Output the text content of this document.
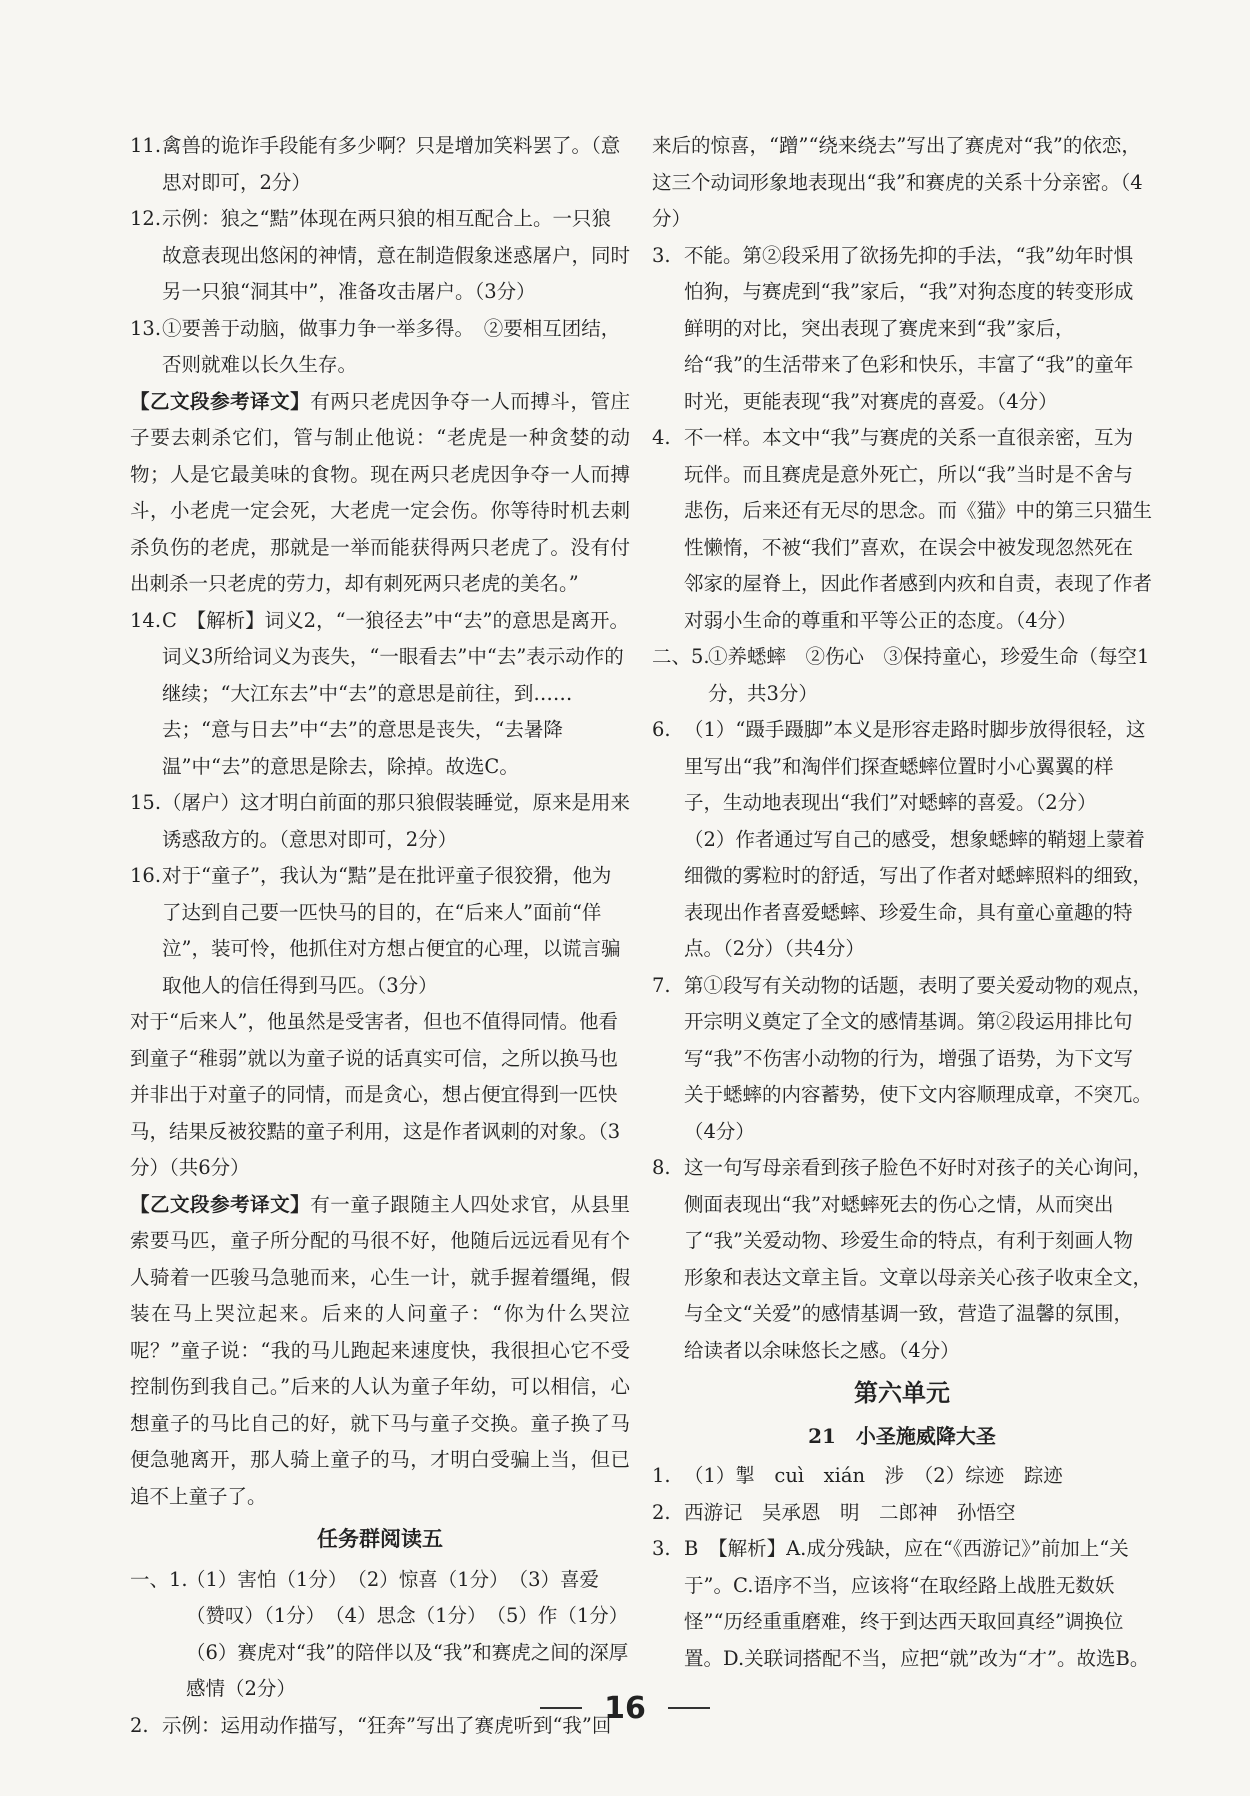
11. 禽兽的诡诈手段能有多少啊？只是增加笑料罢了。（意思对即可，2分）

12. 示例：狼之“黠”体现在两只狼的相互配合上。一只狼故意表现出悠闲的神情，意在制造假象迷惑屠户，同时另一只狼“洞其中”，准备攻击屠户。（3分）

13. ①要善于动脑，做事力争一举多得。　②要相互团结，否则就难以长久生存。

【乙文段参考译文】有两只老虎因争夺一人而搏斗，管庄子要去刺杀它们，管与制止他说：“老虎是一种贪婪的动物；人是它最美味的食物。现在两只老虎因争夺一人而搏斗，小老虎一定会死，大老虎一定会伤。你等待时机去刺杀负伤的老虎，那就是一举而能获得两只老虎了。没有付出刺杀一只老虎的劳力，却有刺死两只老虎的美名。”

14. C　【解析】词义2，“一狼径去”中“去”的意思是离开。词义3所给词义为丧失，“一眼看去”中“去”表示动作的继续；“大江东去”中“去”的意思是前往，到……去；“意与日去”中“去”的意思是丧失，“去暑降温”中“去”的意思是除去，除掉。故选C。

15. （屠户）这才明白前面的那只狼假装睡觉，原来是用来诱惑敌方的。（意思对即可，2分）

16. 对于“童子”，我认为“黠”是在批评童子很狡猾，他为了达到自己要一匹快马的目的，在“后来人”面前“佯泣”，装可怜，他抓住对方想占便宜的心理，以谎言骗取他人的信任得到马匹。（3分）

对于“后来人”，他虽然是受害者，但也不值得同情。他看到童子“稚弱”就以为童子说的话真实可信，之所以换马也并非出于对童子的同情，而是贪心，想占便宜得到一匹快马，结果反被狡黠的童子利用，这是作者讽刺的对象。（3分）（共6分）

【乙文段参考译文】有一童子跟随主人四处求官，从县里索要马匹，童子所分配的马很不好，他随后远远看见有个人骑着一匹骏马急驰而来，心生一计，就手握着缰绳，假装在马上哭泣起来。后来的人问童子：“你为什么哭泣呢？”童子说：“我的马儿跑起来速度快，我很担心它不受控制伤到我自己。”后来的人认为童子年幼，可以相信，心想童子的马比自己的好，就下马与童子交换。童子换了马便急驰离开，那人骑上童子的马，才明白受骗上当，但已追不上童子了。

任务群阅读五

一、1.
（1）害怕（1分）　（2）惊喜（1分）　（3）喜爱（赞叹）（1分）　（4）思念（1分）　（5）作（1分）　（6）赛虎对“我”的陪伴以及“我”和赛虎之间的深厚感情（2分）

2. 示例：运用动作描写，“狂奔”写出了赛虎听到“我”回

来后的惊喜，“蹭”“绕来绕去”写出了赛虎对“我”的依恋，这三个动词形象地表现出“我”和赛虎的关系十分亲密。（4分）

3. 不能。第②段采用了欲扬先抑的手法，“我”幼年时惧怕狗，与赛虎到“我”家后，“我”对狗态度的转变形成鲜明的对比，突出表现了赛虎来到“我”家后，给“我”的生活带来了色彩和快乐，丰富了“我”的童年时光，更能表现“我”对赛虎的喜爱。（4分）

4. 不一样。本文中“我”与赛虎的关系一直很亲密，互为玩伴。而且赛虎是意外死亡，所以“我”当时是不舍与悲伤，后来还有无尽的思念。而《猫》中的第三只猫生性懒惰，不被“我们”喜欢，在误会中被发现忽然死在邻家的屋脊上，因此作者感到内疚和自责，表现了作者对弱小生命的尊重和平等公正的态度。（4分）

二、5.
①养蟋蟀　②伤心　③保持童心，珍爱生命（每空1分，共3分）

6. （1）“蹑手蹑脚”本义是形容走路时脚步放得很轻，这里写出“我”和淘伴们探查蟋蟀位置时小心翼翼的样子，生动地表现出“我们”对蟋蟀的喜爱。（2分）

（2）作者通过写自己的感受，想象蟋蟀的鞘翅上蒙着细微的雾粒时的舒适，写出了作者对蟋蟀照料的细致，表现出作者喜爱蟋蟀、珍爱生命，具有童心童趣的特点。（2分）（共4分）

7. 第①段写有关动物的话题，表明了要关爱动物的观点，开宗明义奠定了全文的感情基调。第②段运用排比句写“我”不伤害小动物的行为，增强了语势，为下文写关于蟋蟀的内容蓄势，使下文内容顺理成章，不突兀。（4分）

8. 这一句写母亲看到孩子脸色不好时对孩子的关心询问，侧面表现出“我”对蟋蟀死去的伤心之情，从而突出了“我”关爱动物、珍爱生命的特点，有利于刻画人物形象和表达文章主旨。文章以母亲关心孩子收束全文，与全文“关爱”的感情基调一致，营造了温馨的氛围，给读者以余味悠长之感。（4分）

第六单元
21　小圣施威降大圣

1. （1）掣　cuì　xián　涉　（2）综迹　踪迹

2. 西游记　吴承恩　明　二郎神　孙悟空

3. B　【解析】A.成分残缺，应在“《西游记》”前加上“关于”。C.语序不当，应该将“在取经路上战胜无数妖怪”“历经重重磨难，终于到达西天取回真经”调换位置。D.关联词搭配不当，应把“就”改为“才”。故选B。

16
